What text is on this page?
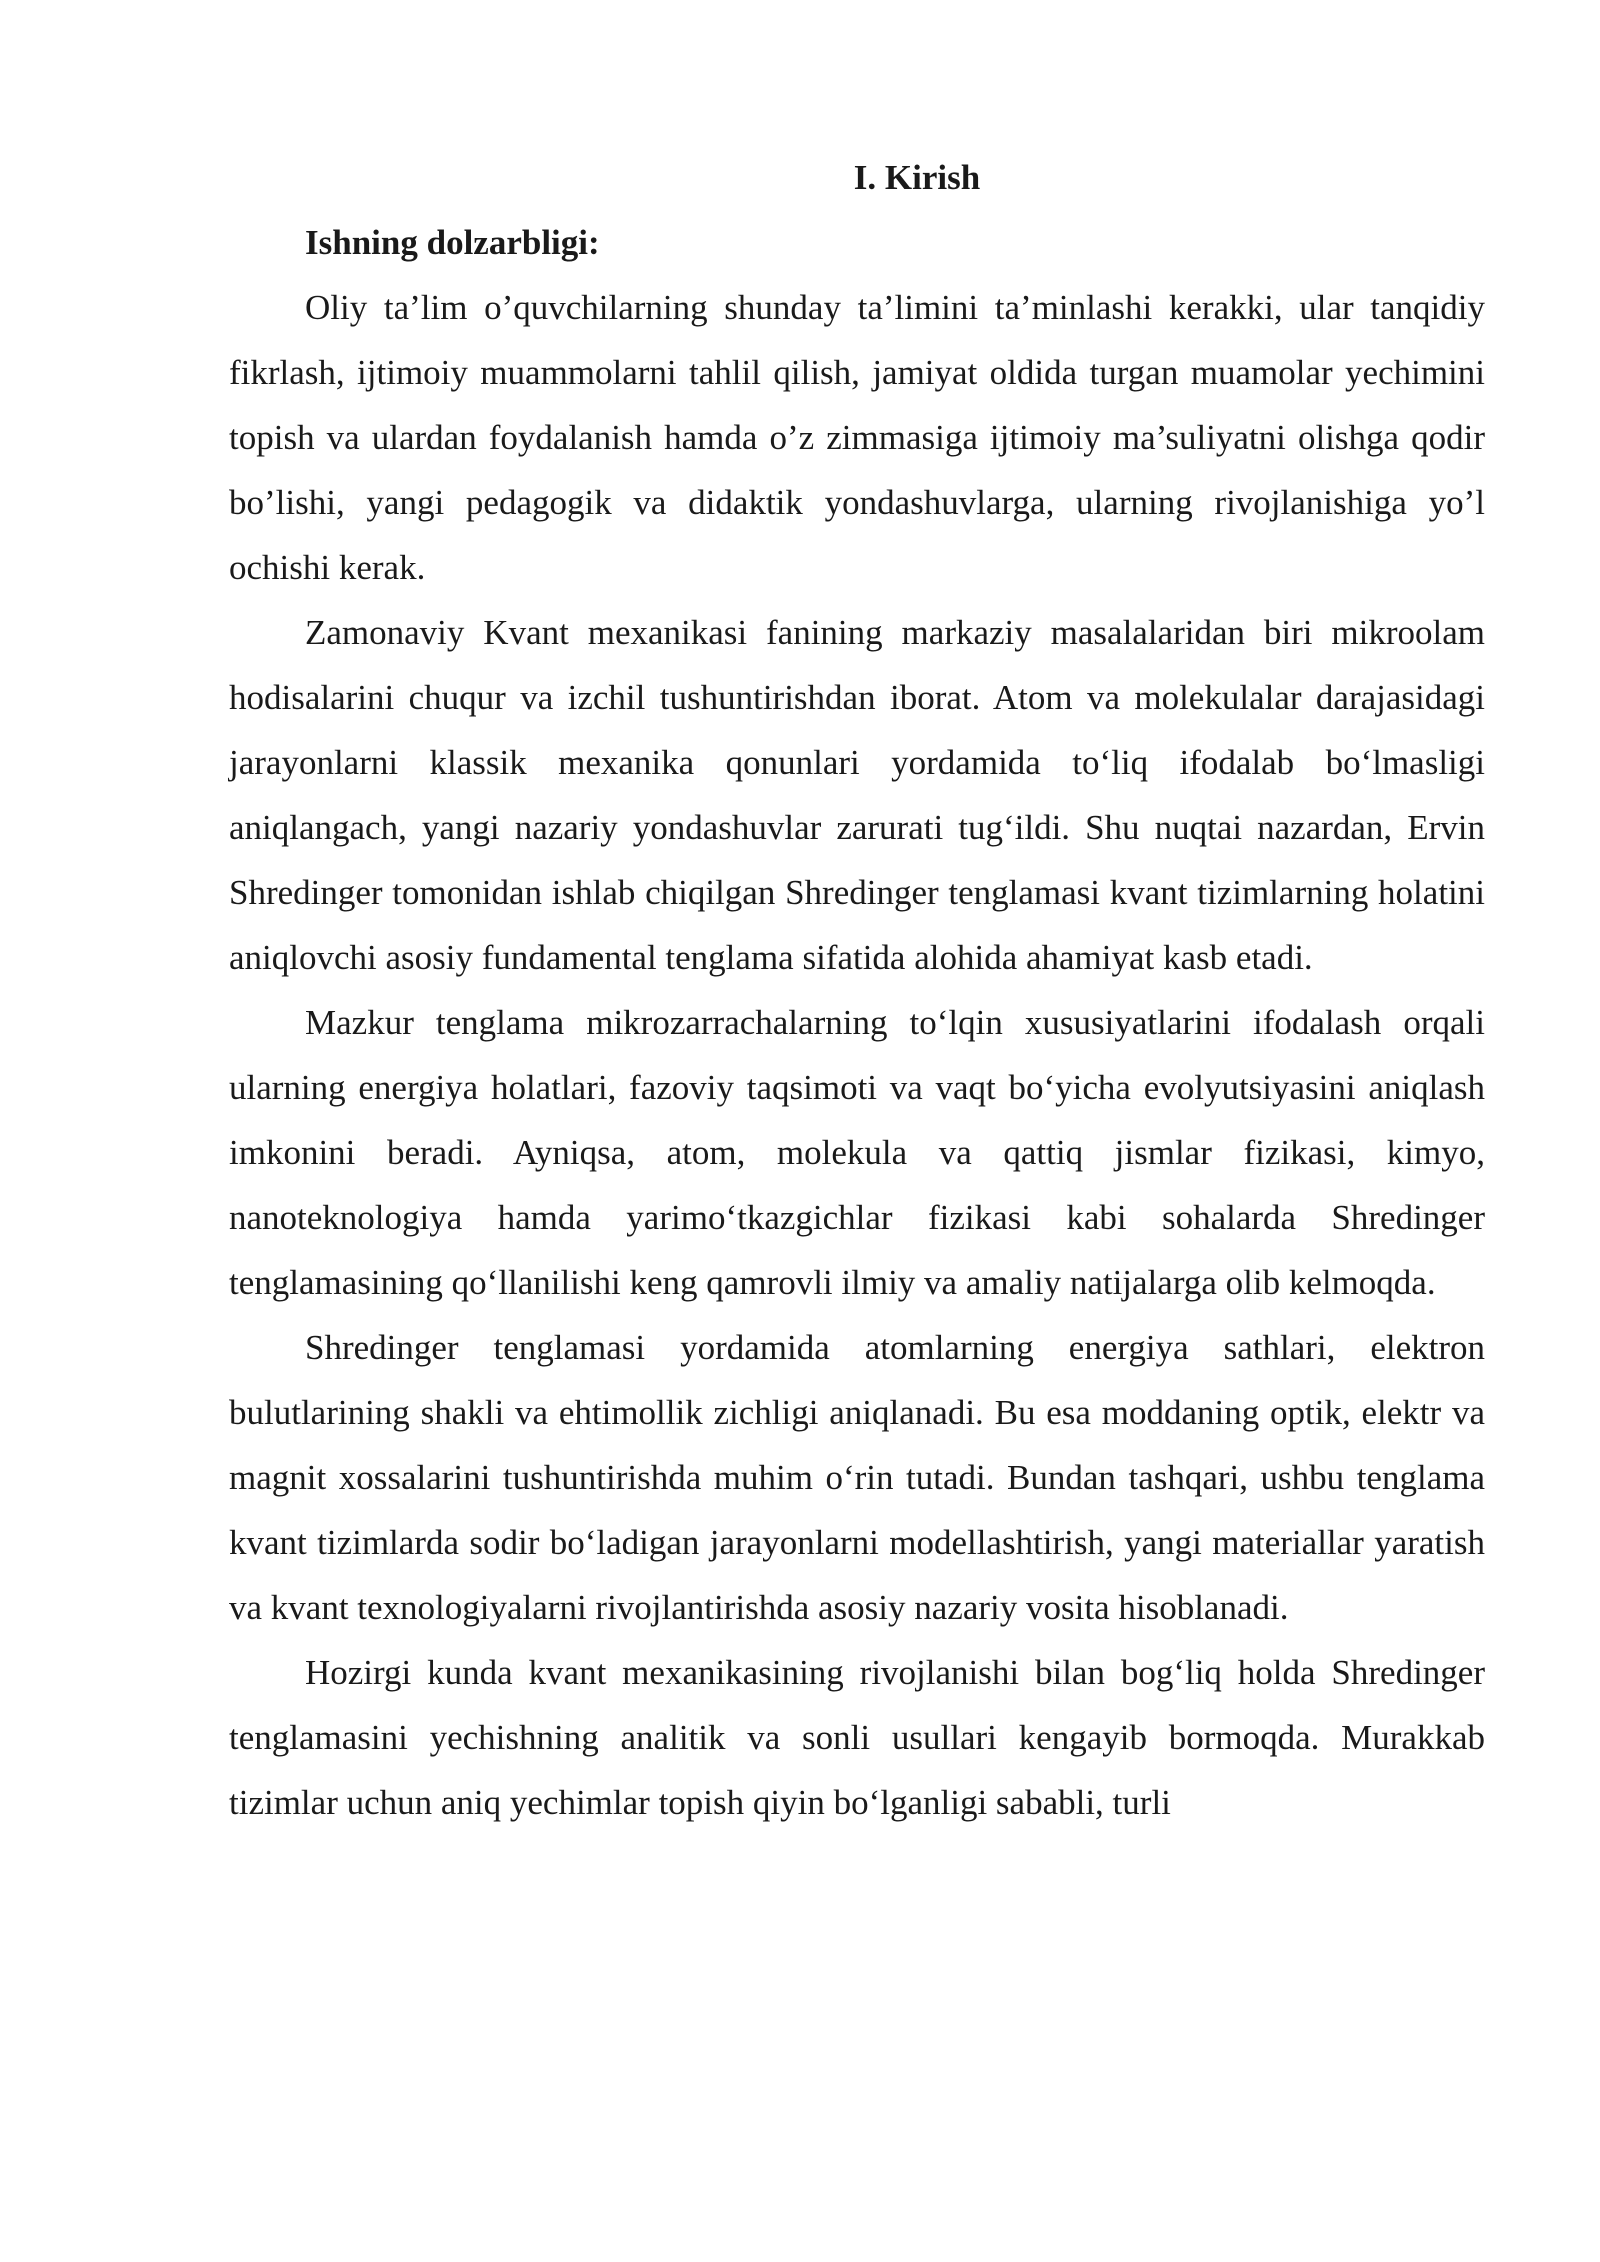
I. Kirish

Ishning dolzarbligi:

Oliy ta’lim o’quvchilarning shunday ta’limini ta’minlashi kerakki, ular tanqidiy fikrlash, ijtimoiy muammolarni tahlil qilish, jamiyat oldida turgan muamolar yechimini topish va ulardan foydalanish hamda o’z zimmasiga ijtimoiy ma’suliyatni olishga qodir bo’lishi, yangi pedagogik va didaktik yondashuvlarga, ularning rivojlanishiga yo’l ochishi kerak.

Zamonaviy Kvant mexanikasi fanining markaziy masalalaridan biri mikroolam hodisalarini chuqur va izchil tushuntirishdan iborat. Atom va molekulalar darajasidagi jarayonlarni klassik mexanika qonunlari yordamida to‘liq ifodalab bo‘lmasligi aniqlangach, yangi nazariy yondashuvlar zarurati tug‘ildi. Shu nuqtai nazardan, Ervin Shredinger tomonidan ishlab chiqilgan Shredinger tenglamasi kvant tizimlarning holatini aniqlovchi asosiy fundamental tenglama sifatida alohida ahamiyat kasb etadi.

Mazkur tenglama mikrozarrachalarning to‘lqin xususiyatlarini ifodalash orqali ularning energiya holatlari, fazoviy taqsimoti va vaqt bo‘yicha evolyutsiyasini aniqlash imkonini beradi. Ayniqsa, atom, molekula va qattiq jismlar fizikasi, kimyo, nanoteknologiya hamda yarimo‘tkazgichlar fizikasi kabi sohalarda Shredinger tenglamasining qo‘llanilishi keng qamrovli ilmiy va amaliy natijalarga olib kelmoqda.

Shredinger tenglamasi yordamida atomlarning energiya sathlari, elektron bulutlarining shakli va ehtimollik zichligi aniqlanadi. Bu esa moddaning optik, elektr va magnit xossalarini tushuntirishda muhim o‘rin tutadi. Bundan tashqari, ushbu tenglama kvant tizimlarda sodir bo‘ladigan jarayonlarni modellashtirish, yangi materiallar yaratish va kvant texnologiyalarni rivojlantirishda asosiy nazariy vosita hisoblanadi.

Hozirgi kunda kvant mexanikasining rivojlanishi bilan bog‘liq holda Shredinger tenglamasini yechishning analitik va sonli usullari kengayib bormoqda. Murakkab tizimlar uchun aniq yechimlar topish qiyin bo‘lganligi sababli, turli
